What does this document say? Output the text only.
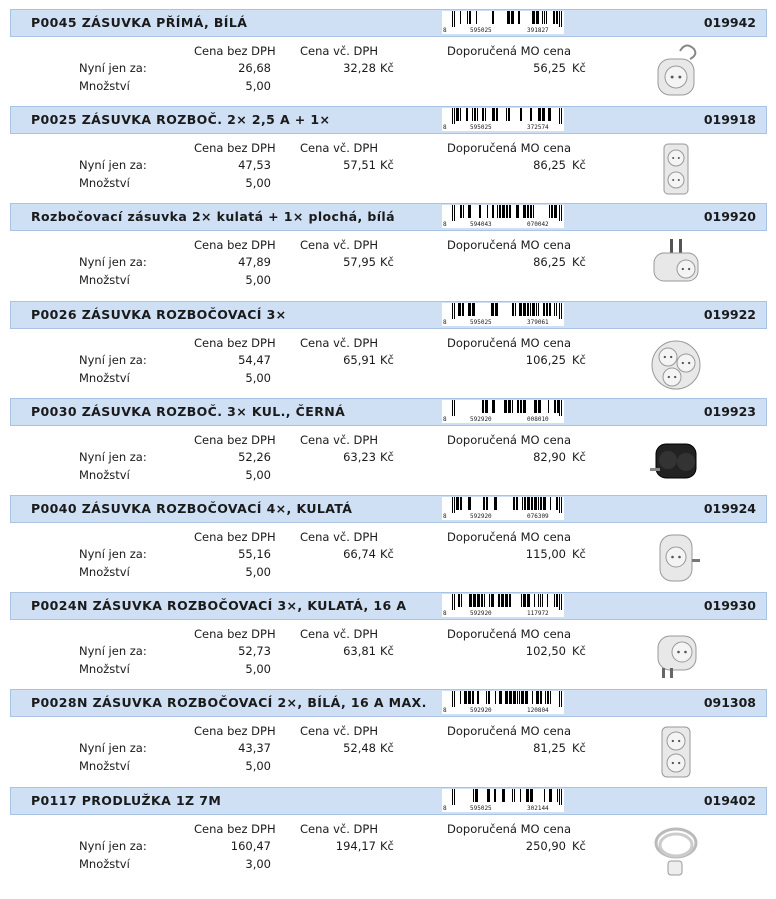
P0045 ZÁSUVKA PŘÍMÁ, BÍLÁ
8	595025	391827
019942
Cena bez DPH Cena vč. DPH	Doporučená MO cena
Nyní jen za:	26,68	32,28 Kč	56,25 Kč
Množství	5,00
P0025 ZÁSUVKA ROZBOČ. 2× 2,5 A + 1×
8	595025	372574
019918
Cena bez DPH Cena vč. DPH	Doporučená MO cena
Nyní jen za:	47,53	57,51 Kč	86,25 Kč
Množství	5,00
Rozbočovací zásuvka 2× kulatá + 1× plochá, bílá
8	594043	070042
019920
Cena bez DPH Cena vč. DPH	Doporučená MO cena
Nyní jen za:	47,89	57,95 Kč	86,25 Kč
Množství	5,00
P0026 ZÁSUVKA ROZBOČOVACÍ 3×
8	595025	379061
019922
Cena bez DPH Cena vč. DPH	Doporučená MO cena
Nyní jen za:	54,47	65,91 Kč	106,25 Kč
Množství	5,00
P0030 ZÁSUVKA ROZBOČ. 3× KUL., ČERNÁ
8	592920	008010
019923
Cena bez DPH Cena vč. DPH	Doporučená MO cena
Nyní jen za:	52,26	63,23 Kč	82,90 Kč
Množství	5,00
P0040 ZÁSUVKA ROZBOČOVACÍ 4×, KULATÁ
8	592920	076309
019924
Cena bez DPH Cena vč. DPH	Doporučená MO cena
Nyní jen za:	55,16	66,74 Kč	115,00 Kč
Množství	5,00
P0024N ZÁSUVKA ROZBOČOVACÍ 3×, KULATÁ, 16 A
8	592920	117972
019930
Cena bez DPH Cena vč. DPH	Doporučená MO cena
Nyní jen za:	52,73	63,81 Kč	102,50 Kč
Množství	5,00
P0028N ZÁSUVKA ROZBOČOVACÍ 2×, BÍLÁ, 16 A MAX.
8	592920	120804
091308
Cena bez DPH Cena vč. DPH	Doporučená MO cena
Nyní jen za:	43,37	52,48 Kč	81,25 Kč
Množství	5,00
P0117 PRODLUŽKA 1Z 7M
8	595025	302144
019402
Cena bez DPH Cena vč. DPH	Doporučená MO cena
Nyní jen za:	160,47	194,17 Kč	250,90 Kč
Množství	3,00
